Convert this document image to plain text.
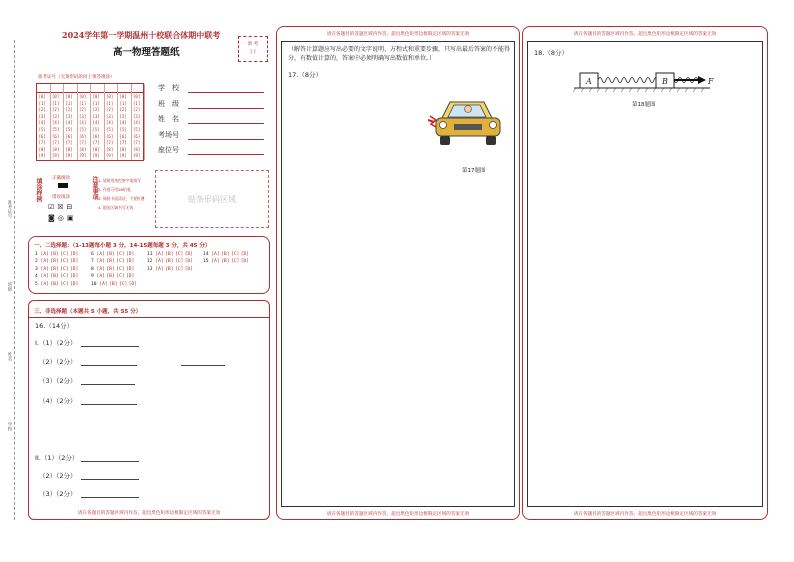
准考证号
班级
姓名
学校
2024学年第一学期温州十校联合体期中联考
高一物理答题纸
新 考
[ ]
准考证号（无条形码的同上须答填涂）
[0]
[1]
[2]
[3]
[4]
[5]
[6]
[7]
[8]
[9]
[0]
[1]
[2]
[3]
[4]
[5]
[6]
[7]
[8]
[9]
[0]
[1]
[2]
[3]
[4]
[5]
[6]
[7]
[8]
[9]
[0]
[1]
[2]
[3]
[4]
[5]
[6]
[7]
[8]
[9]
[0]
[1]
[2]
[3]
[4]
[5]
[6]
[7]
[8]
[9]
[0]
[1]
[2]
[3]
[4]
[5]
[6]
[7]
[8]
[9]
[0]
[1]
[2]
[3]
[4]
[5]
[6]
[7]
[8]
[9]
[0]
[1]
[2]
[3]
[4]
[5]
[6]
[7]
[8]
[9]
学　校
班　级
姓　名
考场号
座位号
填涂样例 正确填涂
错误填涂
☑☒⊟
◙◎▣
注意事项 1. 请使用黑色签字笔填写
2. 作图可用2B铅笔
3. 保持卡面清洁，不要折叠
4. 超出区域书写无效
贴条形码区域
一、二选择题：（1-13题每小题 3 分，14-15题每题 3 分，共 45 分）
1 [A] [B] [C] [D]
2 [A] [B] [C] [D]
3 [A] [B] [C] [D]
4 [A] [B] [C] [D]
5 [A] [B] [C] [D]
6 [A] [B] [C] [D]
7 [A] [B] [C] [D]
8 [A] [B] [C] [D]
9 [A] [B] [C] [D]
10 [A] [B] [C] [D]
11 [A] [B] [C] [D]
12 [A] [B] [C] [D]
13 [A] [B] [C] [D]
14 [A] [B] [C] [D]
15 [A] [B] [C] [D]
三、非选择题（本题共 5 小题，共 55 分）
16.（14分）
I.（1）（2分）
（2）（2分）
（3）（2分）
（4）（2分）
II.（1）（2分）
（2）（2分）
（3）（2分）
请在各题目的答题区域内作答，超出黑色矩形边框限定区域的答案无效
请在各题目的答题区域内作答，超出黑色矩形边框限定区域的答案无效
（解答计算题应写出必要的文字说明、方程式和重要步骤，只写出最后答案的不能得分，有数值计算的，答案中必须明确写出数值和单位。）
17.（8分）
第17题图
请在各题目的答题区域内作答，超出黑色矩形边框限定区域的答案无效
请在各题目的答题区域内作答，超出黑色矩形边框限定区域的答案无效
18.（8分）
A	B	F
第18题图
请在各题目的答题区域内作答，超出黑色矩形边框限定区域的答案无效
